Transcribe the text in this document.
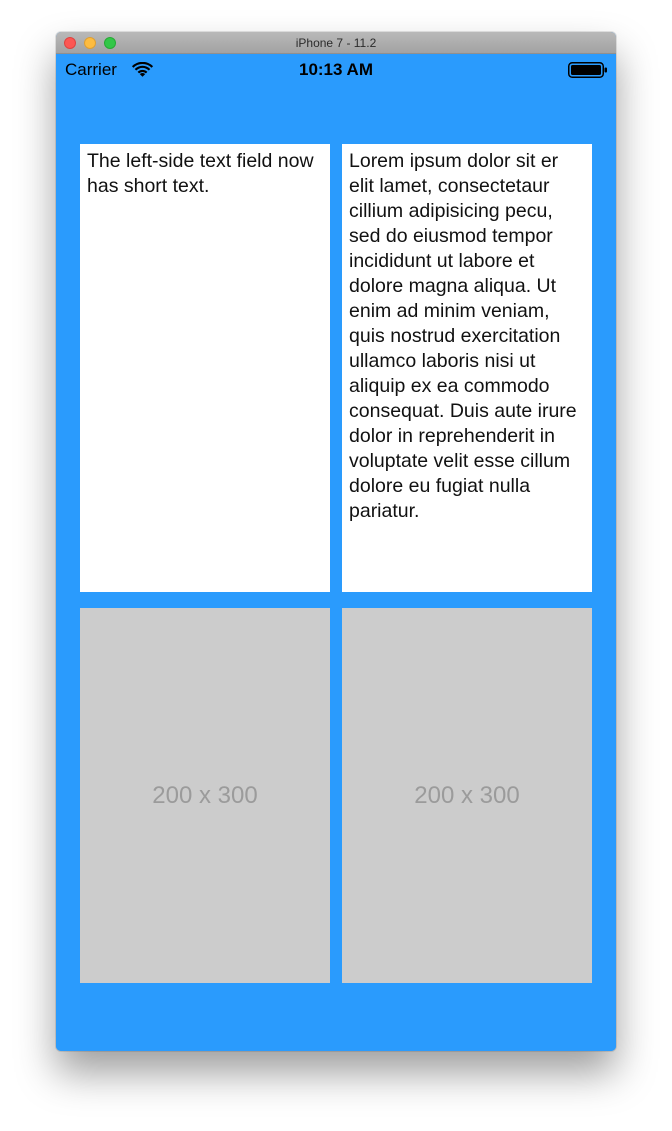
iPhone 7 - 11.2
Carrier	10:13 AM
The left-side text field now has short text.
Lorem ipsum dolor sit er elit lamet, consectetaur cillium adipisicing pecu, sed do eiusmod tempor incididunt ut labore et dolore magna aliqua. Ut enim ad minim veniam, quis nostrud exercitation ullamco laboris nisi ut aliquip ex ea commodo consequat. Duis aute irure dolor in reprehenderit in voluptate velit esse cillum dolore eu fugiat nulla pariatur.
200 x 300	200 x 300
